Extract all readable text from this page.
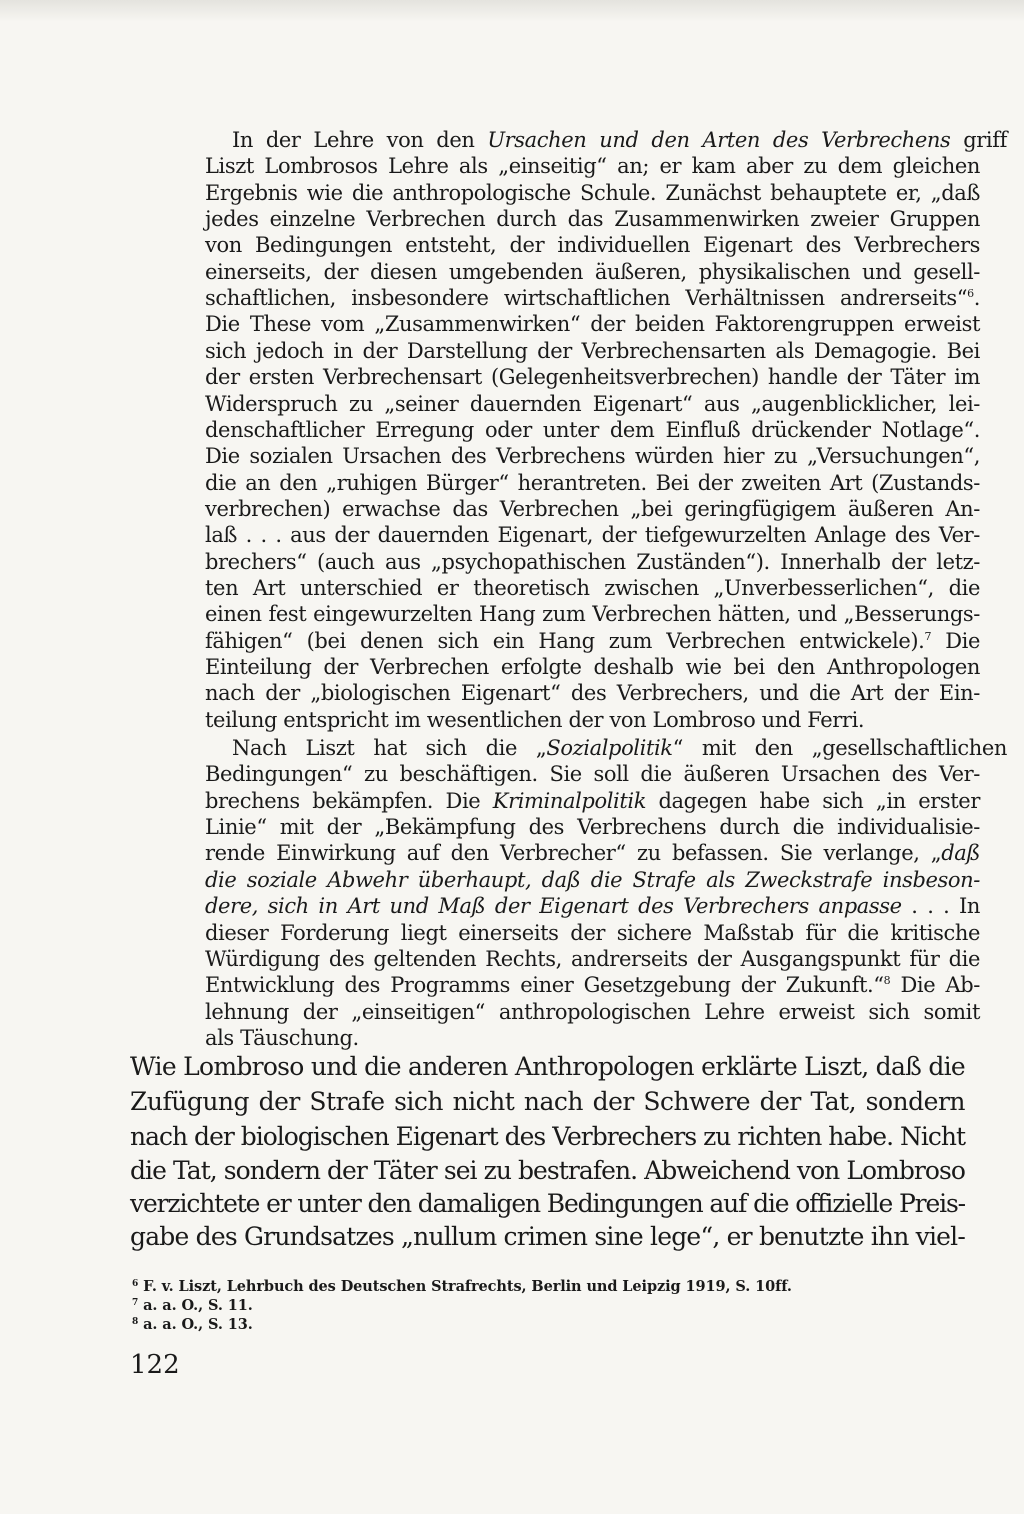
In der Lehre von den Ursachen und den Arten des Verbrechens griff
Liszt Lombrosos Lehre als „einseitig“ an; er kam aber zu dem gleichen
Ergebnis wie die anthropologische Schule. Zunächst behauptete er, „daß
jedes einzelne Verbrechen durch das Zusammenwirken zweier Gruppen
von Bedingungen entsteht, der individuellen Eigenart des Verbrechers
einerseits, der diesen umgebenden äußeren, physikalischen und gesell-
schaftlichen, insbesondere wirtschaftlichen Verhältnissen andrerseits“$^6$.
Die These vom „Zusammenwirken“ der beiden Faktorengruppen erweist
sich jedoch in der Darstellung der Verbrechensarten als Demagogie. Bei
der ersten Verbrechensart (Gelegenheitsverbrechen) handle der Täter im
Widerspruch zu „seiner dauernden Eigenart“ aus „augenblicklicher, lei-
denschaftlicher Erregung oder unter dem Einfluß drückender Notlage“.
Die sozialen Ursachen des Verbrechens würden hier zu „Versuchungen“,
die an den „ruhigen Bürger“ herantreten. Bei der zweiten Art (Zustands-
verbrechen) erwachse das Verbrechen „bei geringfügigem äußeren An-
laß . . . aus der dauernden Eigenart, der tiefgewurzelten Anlage des Ver-
brechers“ (auch aus „psychopathischen Zuständen“). Innerhalb der letz-
ten Art unterschied er theoretisch zwischen „Unverbesserlichen“, die
einen fest eingewurzelten Hang zum Verbrechen hätten, und „Besserungs-
fähigen“ (bei denen sich ein Hang zum Verbrechen entwickele).$^7$ Die
Einteilung der Verbrechen erfolgte deshalb wie bei den Anthropologen
nach der „biologischen Eigenart“ des Verbrechers, und die Art der Ein-
teilung entspricht im wesentlichen der von Lombroso und Ferri.
Nach Liszt hat sich die „Sozialpolitik“ mit den „gesellschaftlichen
Bedingungen“ zu beschäftigen. Sie soll die äußeren Ursachen des Ver-
brechens bekämpfen. Die Kriminalpolitik dagegen habe sich „in erster
Linie“ mit der „Bekämpfung des Verbrechens durch die individualisie-
rende Einwirkung auf den Verbrecher“ zu befassen. Sie verlange, „daß
die soziale Abwehr überhaupt, daß die Strafe als Zweckstrafe insbeson-
dere, sich in Art und Maß der Eigenart des Verbrechers anpasse . . . In
dieser Forderung liegt einerseits der sichere Maßstab für die kritische
Würdigung des geltenden Rechts, andrerseits der Ausgangspunkt für die
Entwicklung des Programms einer Gesetzgebung der Zukunft.“$^8$ Die Ab-
lehnung der „einseitigen“ anthropologischen Lehre erweist sich somit
als Täuschung.
Wie Lombroso und die anderen Anthropologen erklärte Liszt, daß die
Zufügung der Strafe sich nicht nach der Schwere der Tat, sondern
nach der biologischen Eigenart des Verbrechers zu richten habe. Nicht
die Tat, sondern der Täter sei zu bestrafen. Abweichend von Lombroso
verzichtete er unter den damaligen Bedingungen auf die offizielle Preis-
gabe des Grundsatzes „nullum crimen sine lege“, er benutzte ihn viel-
$^6$ F. v. Liszt, Lehrbuch des Deutschen Strafrechts, Berlin und Leipzig 1919, S. 10ff.
$^7$ a. a. O., S. 11.
$^8$ a. a. O., S. 13.
122
